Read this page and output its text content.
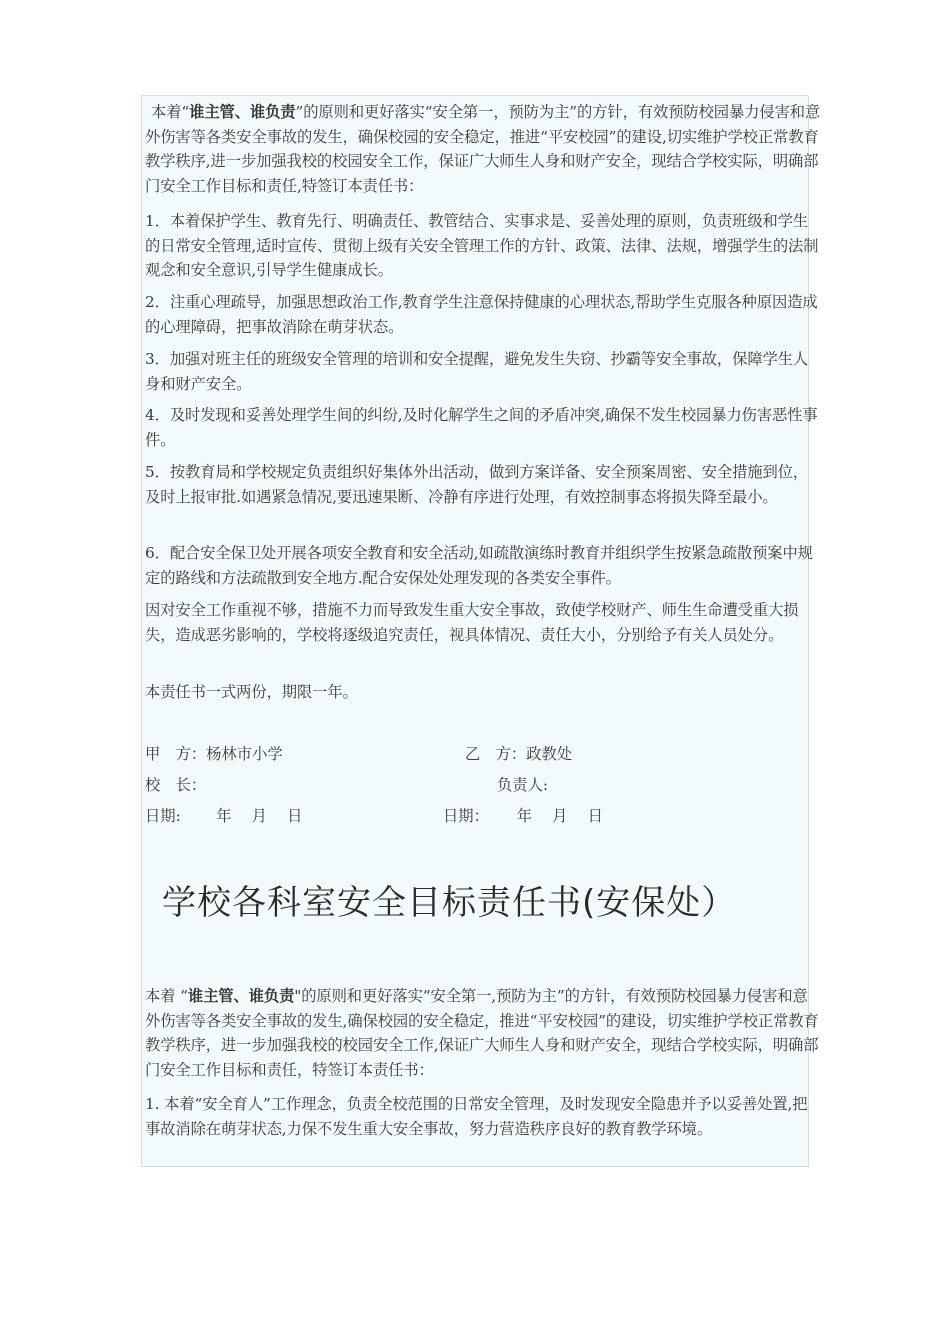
本着“谁主管、谁负责”的原则和更好落实“安全第一，预防为主”的方针，有效预防校园暴力侵害和意外伤害等各类安全事故的发生，确保校园的安全稳定，推进“平安校园”的建设,切实维护学校正常教育教学秩序,进一步加强我校的校园安全工作，保证广大师生人身和财产安全，现结合学校实际，明确部门安全工作目标和责任,特签订本责任书：

1．本着保护学生、教育先行、明确责任、教管结合、实事求是、妥善处理的原则，负责班级和学生的日常安全管理,适时宣传、贯彻上级有关安全管理工作的方针、政策、法律、法规，增强学生的法制观念和安全意识,引导学生健康成长。

2．注重心理疏导，加强思想政治工作,教育学生注意保持健康的心理状态,帮助学生克服各种原因造成的心理障碍，把事故消除在萌芽状态。

3．加强对班主任的班级安全管理的培训和安全提醒，避免发生失窃、抄霸等安全事故，保障学生人身和财产安全。

4．及时发现和妥善处理学生间的纠纷,及时化解学生之间的矛盾冲突,确保不发生校园暴力伤害恶性事件。

5．按教育局和学校规定负责组织好集体外出活动，做到方案详备、安全预案周密、安全措施到位，及时上报审批.如遇紧急情况,要迅速果断、冷静有序进行处理，有效控制事态将损失降至最小。

6．配合安全保卫处开展各项安全教育和安全活动,如疏散演练时教育并组织学生按紧急疏散预案中规定的路线和方法疏散到安全地方.配合安保处处理发现的各类安全事件。

因对安全工作重视不够，措施不力而导致发生重大安全事故，致使学校财产、师生生命遭受重大损失，造成恶劣影响的，学校将逐级追究责任，视具体情况、责任大小，分别给予有关人员处分。

本责任书一式两份，期限一年。

甲　方：杨林市小学	乙　方：政教处
校　长：	负责人:
日期:　　 年　 月　 日	日期：　　 年　 月　 日
学校各科室安全目标责任书(安保处）

本着 “谁主管、谁负责"的原则和更好落实“安全第一,预防为主”的方针，有效预防校园暴力侵害和意外伤害等各类安全事故的发生,确保校园的安全稳定，推进“平安校园”的建设，切实维护学校正常教育教学秩序，进一步加强我校的校园安全工作,保证广大师生人身和财产安全，现结合学校实际，明确部门安全工作目标和责任，特签订本责任书：

1. 本着“安全育人”工作理念，负责全校范围的日常安全管理，及时发现安全隐患并予以妥善处置,把事故消除在萌芽状态,力保不发生重大安全事故，努力营造秩序良好的教育教学环境。
